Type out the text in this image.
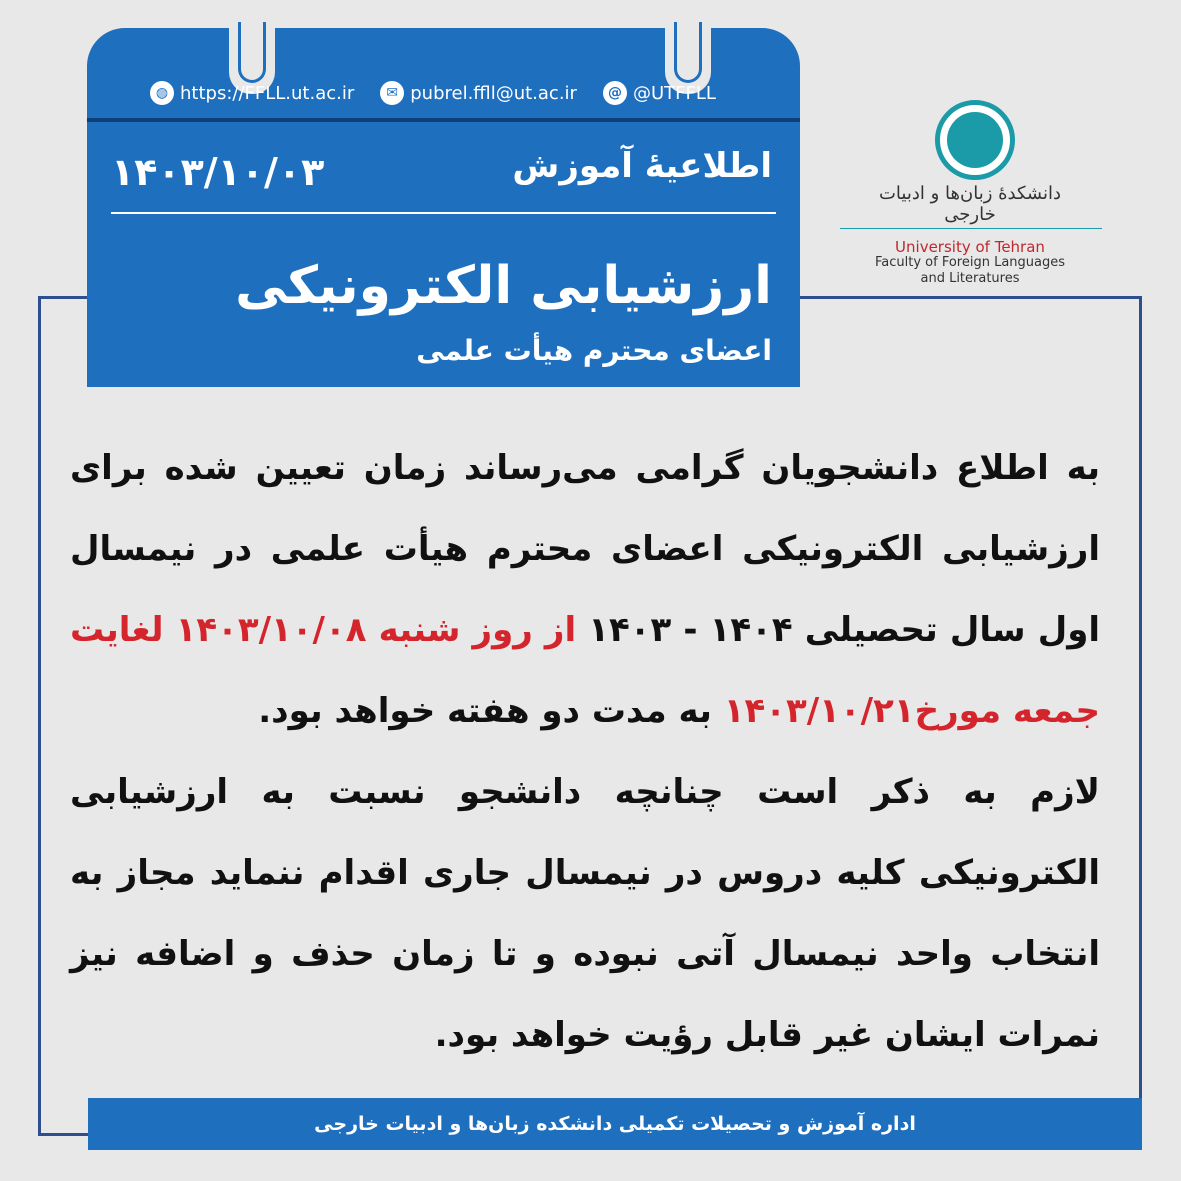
◍ https://FFLL.ut.ac.ir	✉ pubrel.ffll@ut.ac.ir	@ @UTFFLL
اطلاعیهٔ آموزش
۱۴۰۳/۱۰/۰۳
ارزشیابی الکترونیکی
اعضای محترم هیأت علمی
دانشکدهٔ زبان‌ها و ادبیات خارجی
University of Tehran
Faculty of Foreign Languages
and Literatures
به اطلاع دانشجویان گرامی می‌رساند زمان تعیین شده برای ارزشیابی الکترونیکی اعضای محترم هیأت علمی در نیمسال اول سال تحصیلی ۱۴۰۴ - ۱۴۰۳ از روز شنبه ۱۴۰۳/۱۰/۰۸ لغایت جمعه مورخ۱۴۰۳/۱۰/۲۱ به مدت دو هفته خواهد بود.
لازم به ذکر است چنانچه دانشجو نسبت به ارزشیابی الکترونیکی کلیه دروس در نیمسال جاری اقدام ننماید مجاز به انتخاب واحد نیمسال آتی نبوده و تا زمان حذف و اضافه نیز نمرات ایشان غیر قابل رؤیت خواهد بود.
اداره آموزش و تحصیلات تکمیلی دانشکده زبان‌ها و ادبیات خارجی
